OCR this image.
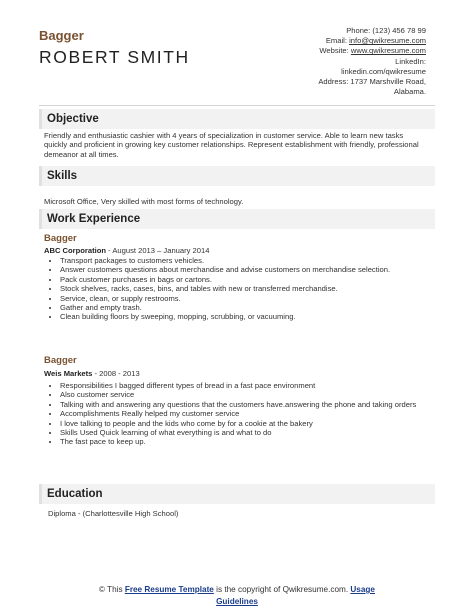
Bagger
ROBERT SMITH
Phone: (123) 456 78 99
Email: info@qwikresume.com
Website: www.qwikresume.com
LinkedIn:
linkedin.com/qwikresume
Address: 1737 Marshville Road,
Alabama.
Objective
Friendly and enthusiastic cashier with 4 years of specialization in customer service. Able to learn new tasks quickly and proficient in growing key customer relationships. Represent establishment with friendly, professional demeanor at all times.
Skills
Microsoft Office, Very skilled with most forms of technology.
Work Experience
Bagger
ABC Corporation - August 2013 – January 2014
• Transport packages to customers vehicles.
• Answer customers questions about merchandise and advise customers on merchandise selection.
• Pack customer purchases in bags or cartons.
• Stock shelves, racks, cases, bins, and tables with new or transferred merchandise.
• Service, clean, or supply restrooms.
• Gather and empty trash.
• Clean building floors by sweeping, mopping, scrubbing, or vacuuming.
Bagger
Weis Markets - 2008 - 2013
• Responsibilities I bagged different types of bread in a fast pace environment
• Also customer service
• Talking with and answering any questions that the customers have.answering the phone and taking orders
• Accomplishments Really helped my customer service
• I love talking to people and the kids who come by for a cookie at the bakery
• Skills Used Quick learning of what everything is and what to do
• The fast pace to keep up.
Education
Diploma - (Charlottesville High School)
© This Free Resume Template is the copyright of Qwikresume.com. Usage
Guidelines
